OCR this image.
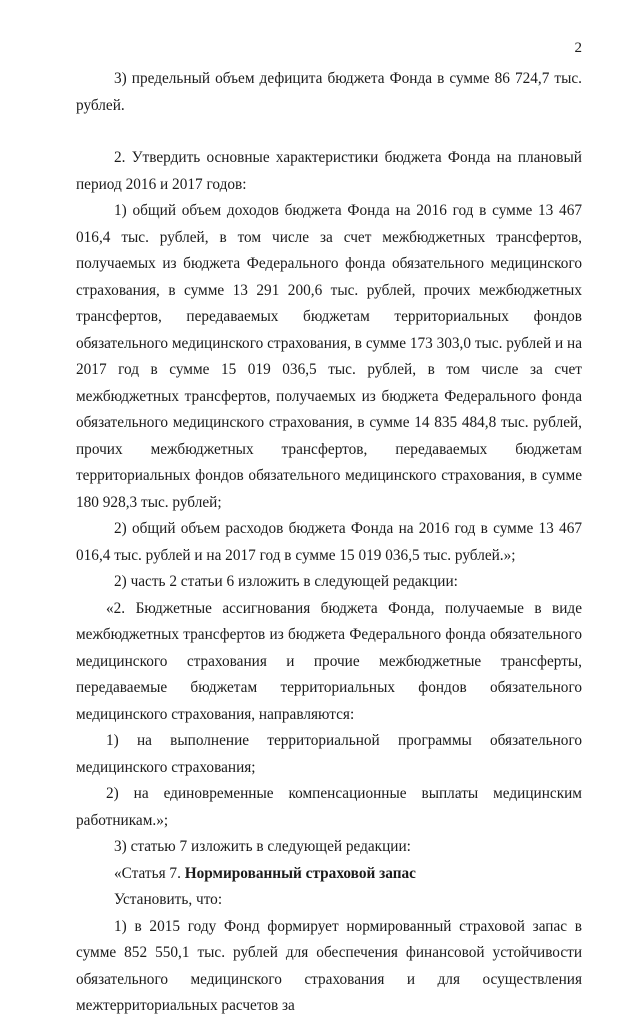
2

3) предельный объем дефицита бюджета Фонда в сумме 86 724,7 тыс. рублей.

2. Утвердить основные характеристики бюджета Фонда на плановый период 2016 и 2017 годов:

1) общий объем доходов бюджета Фонда на 2016 год в сумме 13 467 016,4 тыс. рублей, в том числе за счет межбюджетных трансфертов, получаемых из бюджета Федерального фонда обязательного медицинского страхования, в сумме 13 291 200,6 тыс. рублей, прочих межбюджетных трансфертов, передаваемых бюджетам территориальных фондов обязательного медицинского страхования, в сумме 173 303,0 тыс. рублей и на 2017 год в сумме 15 019 036,5 тыс. рублей, в том числе за счет межбюджетных трансфертов, получаемых из бюджета Федерального фонда обязательного медицинского страхования, в сумме 14 835 484,8 тыс. рублей, прочих межбюджетных трансфертов, передаваемых бюджетам территориальных фондов обязательного медицинского страхования, в сумме 180 928,3 тыс. рублей;

2) общий объем расходов бюджета Фонда на 2016 год в сумме 13 467 016,4 тыс. рублей и на 2017 год в сумме 15 019 036,5 тыс. рублей.»;

2) часть 2 статьи 6 изложить в следующей редакции:

«2. Бюджетные ассигнования бюджета Фонда, получаемые в виде межбюджетных трансфертов из бюджета Федерального фонда обязательного медицинского страхования и прочие межбюджетные трансферты, передаваемые бюджетам территориальных фондов обязательного медицинского страхования, направляются:

1) на выполнение территориальной программы обязательного медицинского страхования;

2) на единовременные компенсационные выплаты медицинским работникам.»;

3) статью 7 изложить в следующей редакции:

«Статья 7. Нормированный страховой запас

Установить, что:

1) в 2015 году Фонд формирует нормированный страховой запас в сумме 852 550,1 тыс. рублей для обеспечения финансовой устойчивости обязательного медицинского страхования и для осуществления межтерриториальных расчетов за
